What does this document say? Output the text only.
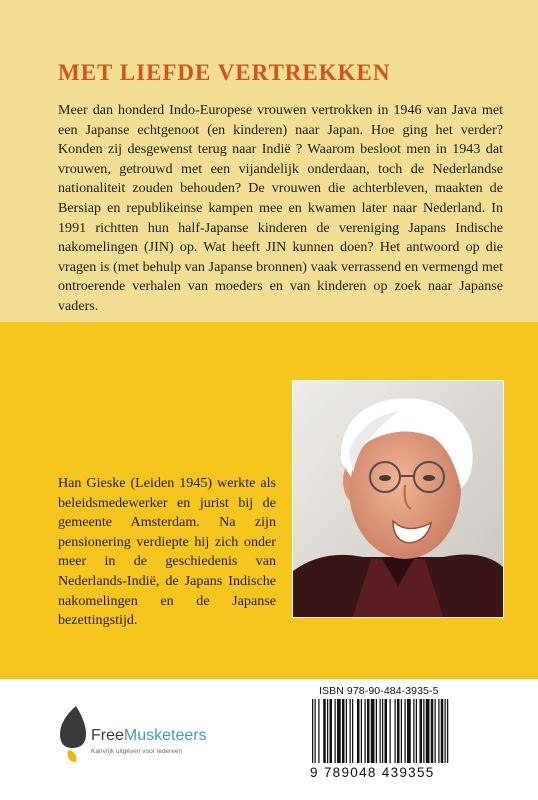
MET LIEFDE VERTREKKEN

Meer dan honderd Indo-Europese vrouwen vertrokken in 1946 van Java met een Japanse echtgenoot (en kinderen) naar Japan. Hoe ging het verder? Konden zij desgewenst terug naar Indië ? Waarom besloot men in 1943 dat vrouwen, getrouwd met een vijandelijk onderdaan, toch de Nederlandse nationaliteit zouden behouden? De vrouwen die achterbleven, maakten de Bersiap en republikeinse kampen mee en kwamen later naar Nederland. In 1991 richtten hun half-Japanse kinderen de vereniging Japans Indische nakomelingen (JIN) op. Wat heeft JIN kunnen doen? Het antwoord op die vragen is (met behulp van Japanse bronnen) vaak verrassend en vermengd met ontroerende verhalen van moeders en van kinderen op zoek naar Japanse vaders.

Han Gieske (Leiden 1945) werkte als beleidsmedewerker en jurist bij de gemeente Amsterdam. Na zijn pensionering verdiepte hij zich onder meer in de geschiedenis van Nederlands-Indië, de Japans Indische nakomelingen en de Japanse bezettingstijd.

FreeMusketeers
Kanvrijk uitgeven voor iedereen
ISBN 978-90-484-3935-5
9 789048 439355
